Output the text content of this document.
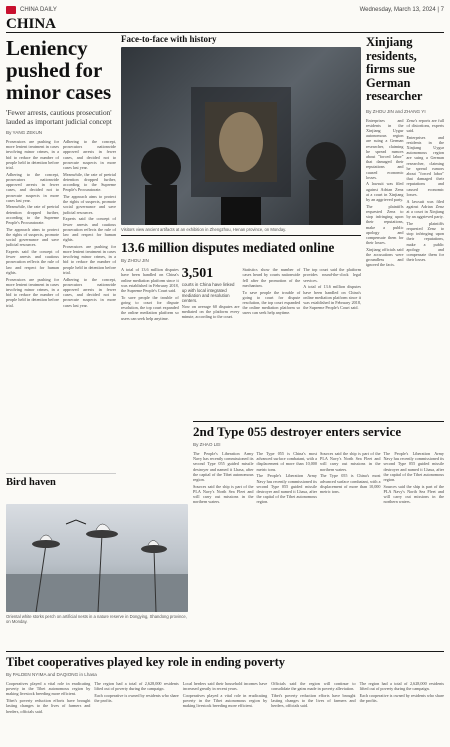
CHINA DAILY	Wednesday, March 13, 2024 | 7
CHINA
Leniency pushed for minor cases
'Fewer arrests, cautious prosecution' lauded as important judicial concept
By YANG ZEKUN

Prosecutors are pushing for more lenient treatment in cases involving minor crimes, in a bid to reduce the number of people held in detention before trial.

Adhering to the concept, prosecutors nationwide approved arrests in fewer cases, and decided not to prosecute suspects in more cases last year.

Meanwhile, the rate of pretrial detention dropped further, according to the Supreme People's Procuratorate.

The approach aims to protect the rights of suspects, promote social governance and save judicial resources.

Experts said the concept of fewer arrests and cautious prosecution reflects the rule of law and respect for human rights.

Prosecutors are pushing for more lenient treatment in cases involving minor crimes, in a bid to reduce the number of people held in detention before trial.

Adhering to the concept, prosecutors nationwide approved arrests in fewer cases, and decided not to prosecute suspects in more cases last year.

Meanwhile, the rate of pretrial detention dropped further, according to the Supreme People's Procuratorate.

The approach aims to protect the rights of suspects, promote social governance and save judicial resources.

Experts said the concept of fewer arrests and cautious prosecution reflects the rule of law and respect for human rights.

Prosecutors are pushing for more lenient treatment in cases involving minor crimes, in a bid to reduce the number of people held in detention before trial.

Adhering to the concept, prosecutors nationwide approved arrests in fewer cases, and decided not to prosecute suspects in more cases last year.

Bird haven
Oriental white storks perch on artificial nests in a nature reserve in Dongying, Shandong province, on Monday.
Face-to-face with history
Visitors view ancient artifacts at an exhibition in Zhengzhou, Henan province, on Monday.
13.6 million disputes mediated online
By ZHOU JIN

A total of 13.6 million disputes have been handled on China's online mediation platform since it was established in February 2018, the Supreme People's Court said.

To save people the trouble of going to court for dispute resolution, the top court expanded the online mediation platform so users can seek help anytime.

3,501
courts in China have linked up with local integrated mediation and resolution centers.

Now on average 60 disputes are mediated on the platform every minute, according to the court.

Statistics show the number of cases heard by courts nationwide fell after the promotion of the mechanism.

To save people the trouble of going to court for dispute resolution, the top court expanded the online mediation platform so users can seek help anytime.

The top court said the platform provides round-the-clock legal services.

A total of 13.6 million disputes have been handled on China's online mediation platform since it was established in February 2018, the Supreme People's Court said.

2nd Type 055 destroyer enters service
By ZHAO LEI

The People's Liberation Army Navy has recently commissioned its second Type 055 guided missile destroyer and named it Lhasa, after the capital of the Tibet autonomous region.

Sources said the ship is part of the PLA Navy's North Sea Fleet and will carry out missions in the northern waters.

The Type 055 is China's most advanced surface combatant, with a displacement of more than 10,000 metric tons.

The People's Liberation Army Navy has recently commissioned its second Type 055 guided missile destroyer and named it Lhasa, after the capital of the Tibet autonomous region.

Sources said the ship is part of the PLA Navy's North Sea Fleet and will carry out missions in the northern waters.

The Type 055 is China's most advanced surface combatant, with a displacement of more than 10,000 metric tons.

The People's Liberation Army Navy has recently commissioned its second Type 055 guided missile destroyer and named it Lhasa, after the capital of the Tibet autonomous region.

Sources said the ship is part of the PLA Navy's North Sea Fleet and will carry out missions in the northern waters.

Xinjiang residents, firms sue German researcher
By ZHOU JIN and ZHANG YI

Enterprises and residents in the Xinjiang Uygur autonomous region are suing a German researcher, claiming he spread rumors about "forced labor" that damaged their reputations and caused economic losses.

A lawsuit was filed against Adrian Zenz at a court in Xinjiang by an aggrieved party.

The plaintiffs requested Zenz to stop infringing upon their reputations, make a public apology and compensate them for their losses.

Xinjiang officials said the accusations were groundless and ignored the facts.

Zenz's reports are full of distortions, experts said.

Enterprises and residents in the Xinjiang Uygur autonomous region are suing a German researcher, claiming he spread rumors about "forced labor" that damaged their reputations and caused economic losses.

A lawsuit was filed against Adrian Zenz at a court in Xinjiang by an aggrieved party.

The plaintiffs requested Zenz to stop infringing upon their reputations, make a public apology and compensate them for their losses.

Tibet cooperatives played key role in ending poverty
By PALDEN NYIMA and DAQIONG in Lhasa

Cooperatives played a vital role in eradicating poverty in the Tibet autonomous region by making livestock breeding more efficient.

Tibet's poverty reduction efforts have brought lasting changes to the lives of farmers and herders, officials said.

The region had a total of 2,628,000 residents lifted out of poverty during the campaign.

Each cooperative is owned by residents who share the profits.

Local herders said their household incomes have increased greatly in recent years.

Cooperatives played a vital role in eradicating poverty in the Tibet autonomous region by making livestock breeding more efficient.

Officials said the region will continue to consolidate the gains made in poverty alleviation.

Tibet's poverty reduction efforts have brought lasting changes to the lives of farmers and herders, officials said.

The region had a total of 2,628,000 residents lifted out of poverty during the campaign.

Each cooperative is owned by residents who share the profits.
